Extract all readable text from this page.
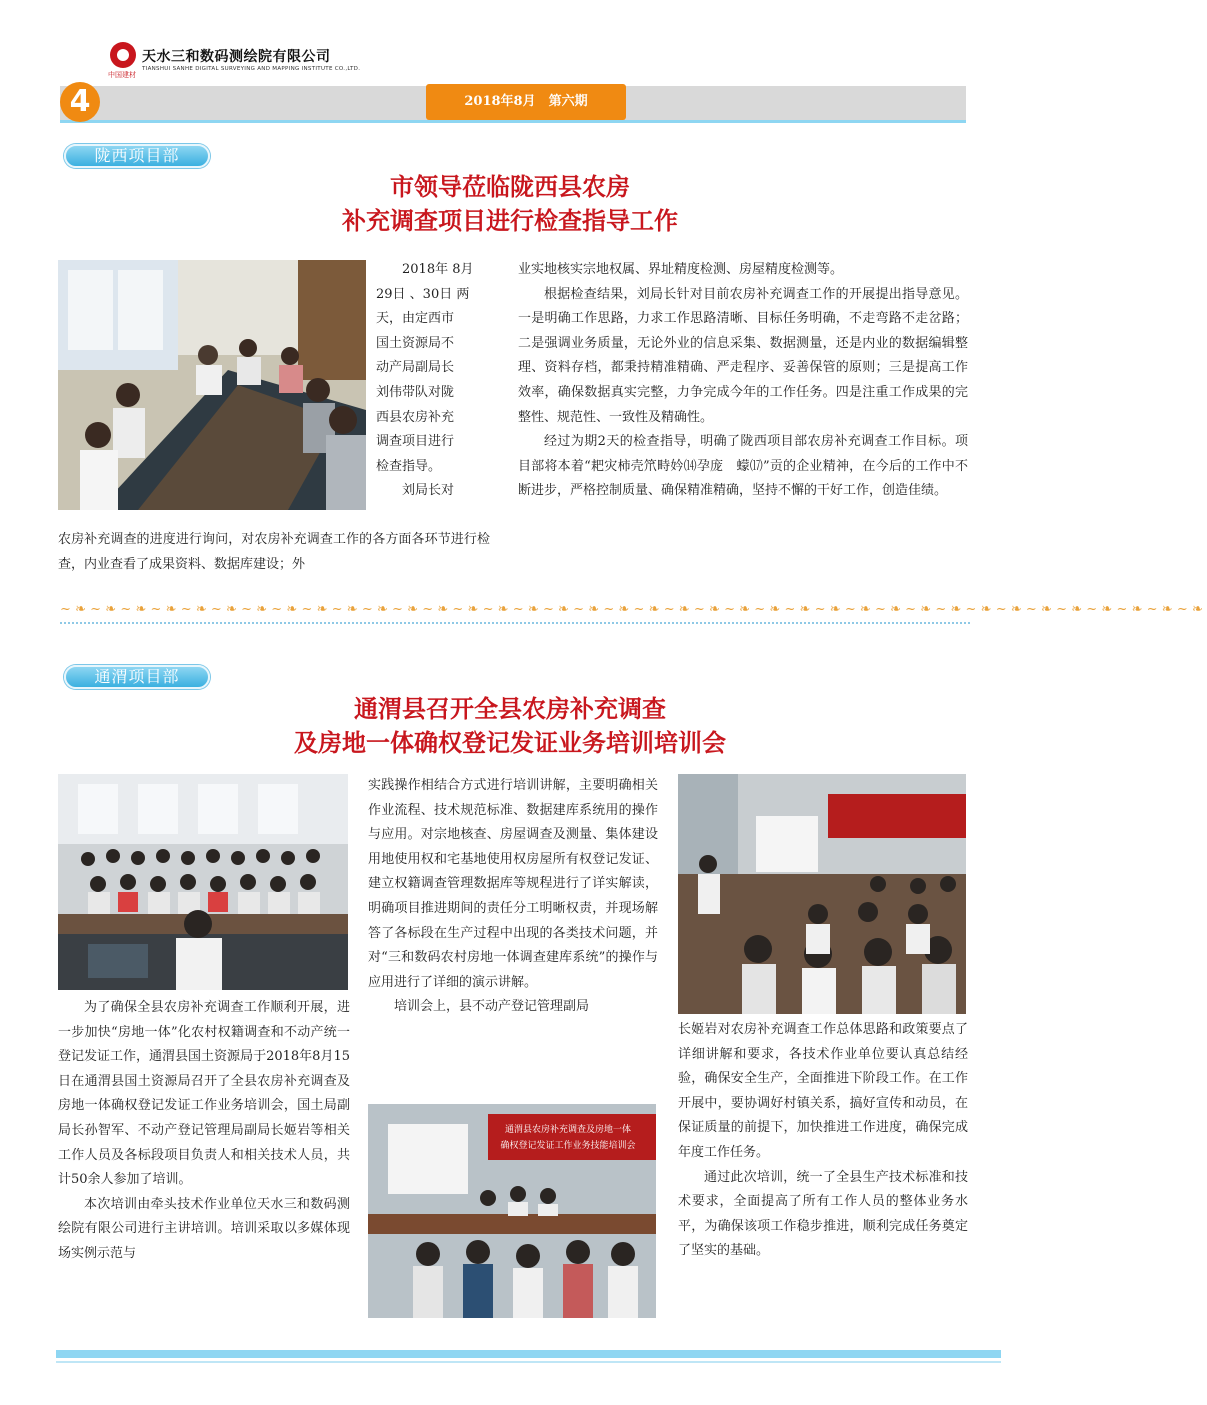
中国建材
天水三和数码测绘院有限公司
TIANSHUI SANHE DIGITAL SURVEYING AND MAPPING INSTITUTE CO.,LTD.
4	2018年8月　第六期
陇西项目部
市领导莅临陇西县农房
补充调查项目进行检查指导工作
2018年 8月
29日 、30日 两
天，由定西市
国土资源局不
动产局副局长
刘伟带队对陇
西县农房补充
调查项目进行
检查指导。
刘局长对
农房补充调查的进度进行询问，对农房补充调查工作的各方面各环节进行检查，内业查看了成果资料、数据库建设；外
业实地核实宗地权属、界址精度检测、房屋精度检测等。
根据检查结果，刘局长针对目前农房补充调查工作的开展提出指导意见。一是明确工作思路，力求工作思路清晰、目标任务明确，不走弯路不走岔路；二是强调业务质量，无论外业的信息采集、数据测量，还是内业的数据编辑整理、资料存档，都秉持精准精确、严走程序、妥善保管的原则；三是提高工作效率，确保数据真实完整，力争完成今年的工作任务。四是注重工作成果的完整性、规范性、一致性及精确性。
经过为期2天的检查指导，明确了陇西项目部农房补充调查工作目标。项目部将本着“耙灾柿壳笊畤妗⒁孕庞　蠓⒄”贡的企业精神，在今后的工作中不断进步，严格控制质量、确保精准精确，坚持不懈的干好工作，创造佳绩。
~❧~❧~❧~❧~❧~❧~❧~❧~❧~❧~❧~❧~❧~❧~❧~❧~❧~❧~❧~❧~❧~❧~❧~❧~❧~❧~❧~❧~❧~❧~❧~❧~❧~❧~❧~❧~❧~❧
通渭项目部
通渭县召开全县农房补充调查
及房地一体确权登记发证业务培训培训会
为了确保全县农房补充调查工作顺利开展，进一步加快“房地一体”化农村权籍调查和不动产统一登记发证工作，通渭县国土资源局于2018年8月15日在通渭县国土资源局召开了全县农房补充调查及房地一体确权登记发证工作业务培训会，国土局副局长孙智军、不动产登记管理局副局长姬岩等相关工作人员及各标段项目负责人和相关技术人员，共计50余人参加了培训。
本次培训由牵头技术作业单位天水三和数码测绘院有限公司进行主讲培训。培训采取以多媒体现场实例示范与
实践操作相结合方式进行培训讲解，主要明确相关作业流程、技术规范标准、数据建库系统用的操作与应用。对宗地核查、房屋调查及测量、集体建设用地使用权和宅基地使用权房屋所有权登记发证、建立权籍调查管理数据库等规程进行了详实解读，明确项目推进期间的责任分工明晰权责，并现场解答了各标段在生产过程中出现的各类技术问题，并对“三和数码农村房地一体调查建库系统”的操作与应用进行了详细的演示讲解。
培训会上，县不动产登记管理副局
通渭县农房补充调查及房地一体
确权登记发证工作业务技能培训会
长姬岩对农房补充调查工作总体思路和政策要点了详细讲解和要求，各技术作业单位要认真总结经验，确保安全生产，全面推进下阶段工作。在工作开展中，要协调好村镇关系，搞好宣传和动员，在保证质量的前提下，加快推进工作进度，确保完成年度工作任务。
通过此次培训，统一了全县生产技术标准和技术要求，全面提高了所有工作人员的整体业务水平，为确保该项工作稳步推进，顺利完成任务奠定了坚实的基础。
